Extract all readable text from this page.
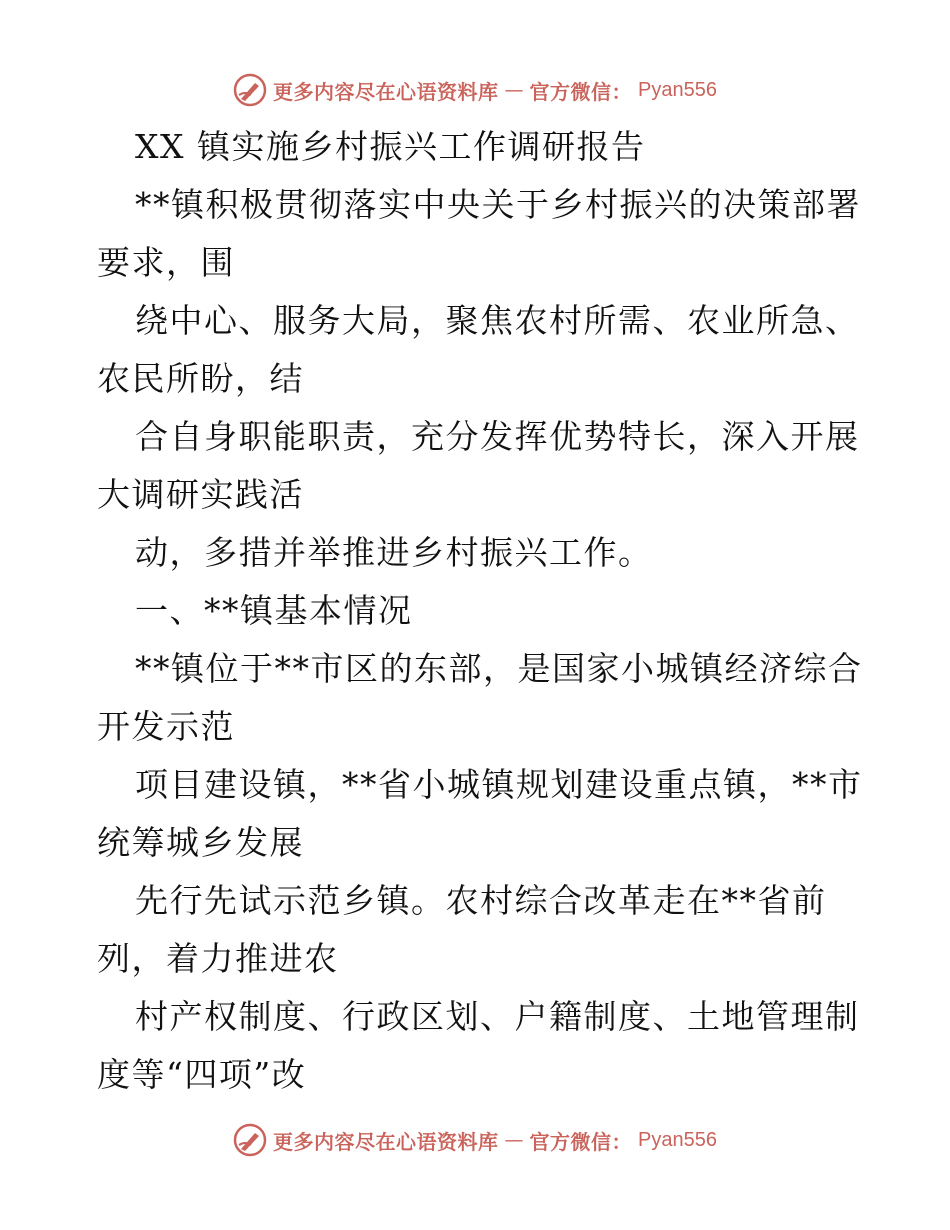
更多内容尽在心语资料库 — 官方微信： Pyan556
XX 镇实施乡村振兴工作调研报告
**镇积极贯彻落实中央关于乡村振兴的决策部署
要求，围
绕中心、服务大局，聚焦农村所需、农业所急、
农民所盼，结
合自身职能职责，充分发挥优势特长，深入开展
大调研实践活
动，多措并举推进乡村振兴工作。
一、**镇基本情况
**镇位于**市区的东部，是国家小城镇经济综合
开发示范
项目建设镇，**省小城镇规划建设重点镇，**市
统筹城乡发展
先行先试示范乡镇。农村综合改革走在**省前
列，着力推进农
村产权制度、行政区划、户籍制度、土地管理制
度等“四项”改
更多内容尽在心语资料库 — 官方微信： Pyan556
